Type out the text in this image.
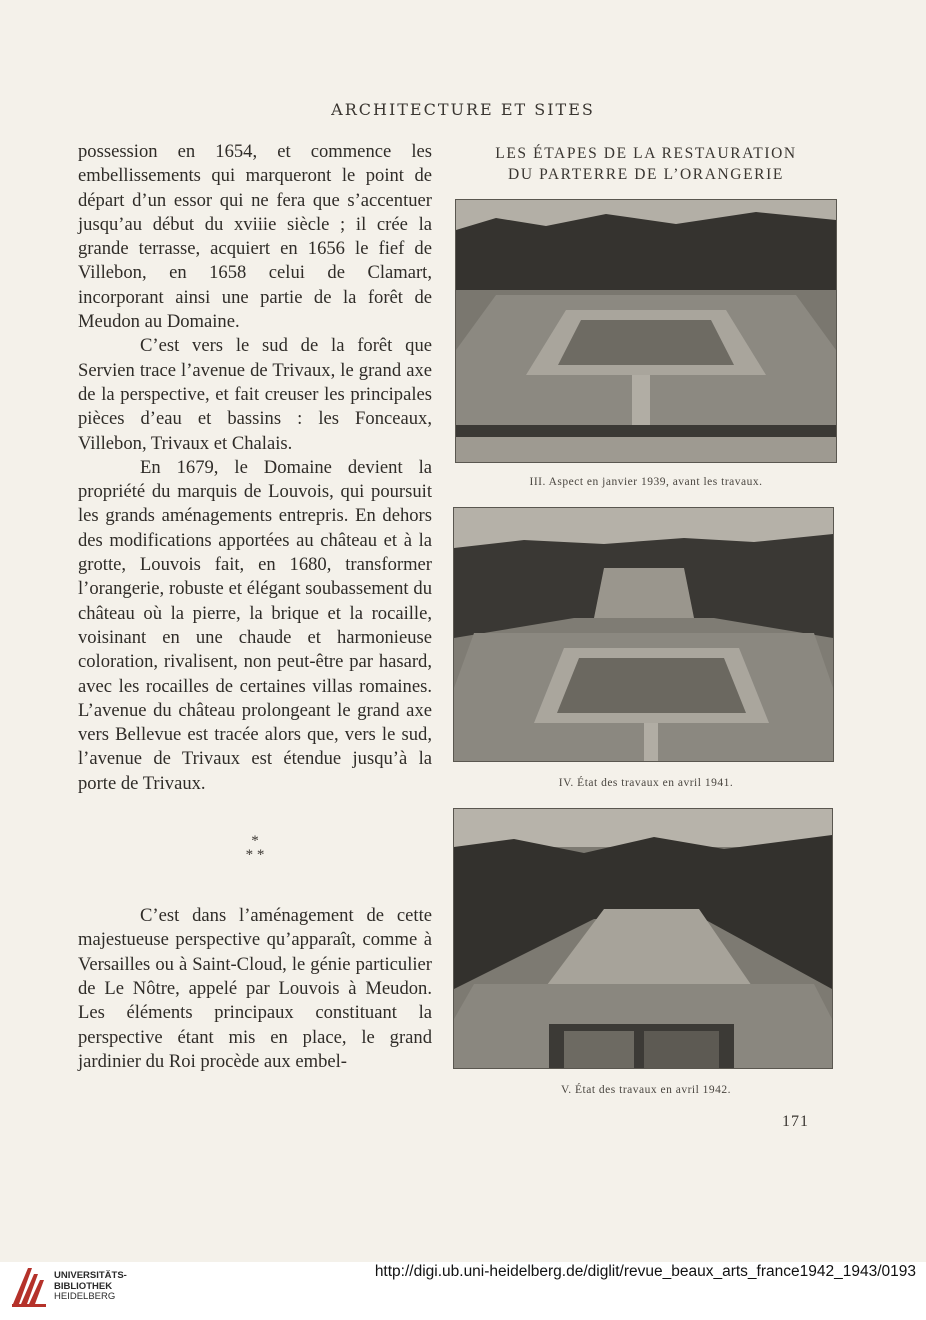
ARCHITECTURE ET SITES

possession en 1654, et commence les embellissements qui marqueront le point de départ d’un essor qui ne fera que s’accentuer jusqu’au début du xviiie siècle ; il crée la grande terrasse, acquiert en 1656 le fief de Villebon, en 1658 celui de Clamart, incorporant ainsi une partie de la forêt de Meudon au Domaine.

C’est vers le sud de la forêt que Servien trace l’avenue de Trivaux, le grand axe de la perspective, et fait creuser les principales pièces d’eau et bassins : les Fonceaux, Villebon, Trivaux et Chalais.

En 1679, le Domaine devient la propriété du marquis de Louvois, qui poursuit les grands aménagements entrepris. En dehors des modifications apportées au château et à la grotte, Louvois fait, en 1680, transformer l’orangerie, robuste et élégant soubassement du château où la pierre, la brique et la rocaille, voisinant en une chaude et harmonieuse coloration, rivalisent, non peut-être par hasard, avec les rocailles de certaines villas romaines. L’avenue du château prolongeant le grand axe vers Bellevue est tracée alors que, vers le sud, l’avenue de Trivaux est étendue jusqu’à la porte de Trivaux.

*
* *

C’est dans l’aménagement de cette majestueuse perspective qu’apparaît, comme à Versailles ou à Saint-Cloud, le génie particulier de Le Nôtre, appelé par Louvois à Meudon. Les éléments principaux constituant la perspective étant mis en place, le grand jardinier du Roi procède aux embel-

LES ÉTAPES DE LA RESTAURATION
DU PARTERRE DE L’ORANGERIE
III. Aspect en janvier 1939, avant les travaux.
IV. État des travaux en avril 1941.
V. État des travaux en avril 1942.
171
UNIVERSITÄTS-
BIBLIOTHEK
HEIDELBERG
http://digi.ub.uni-heidelberg.de/diglit/revue_beaux_arts_france1942_1943/0193
